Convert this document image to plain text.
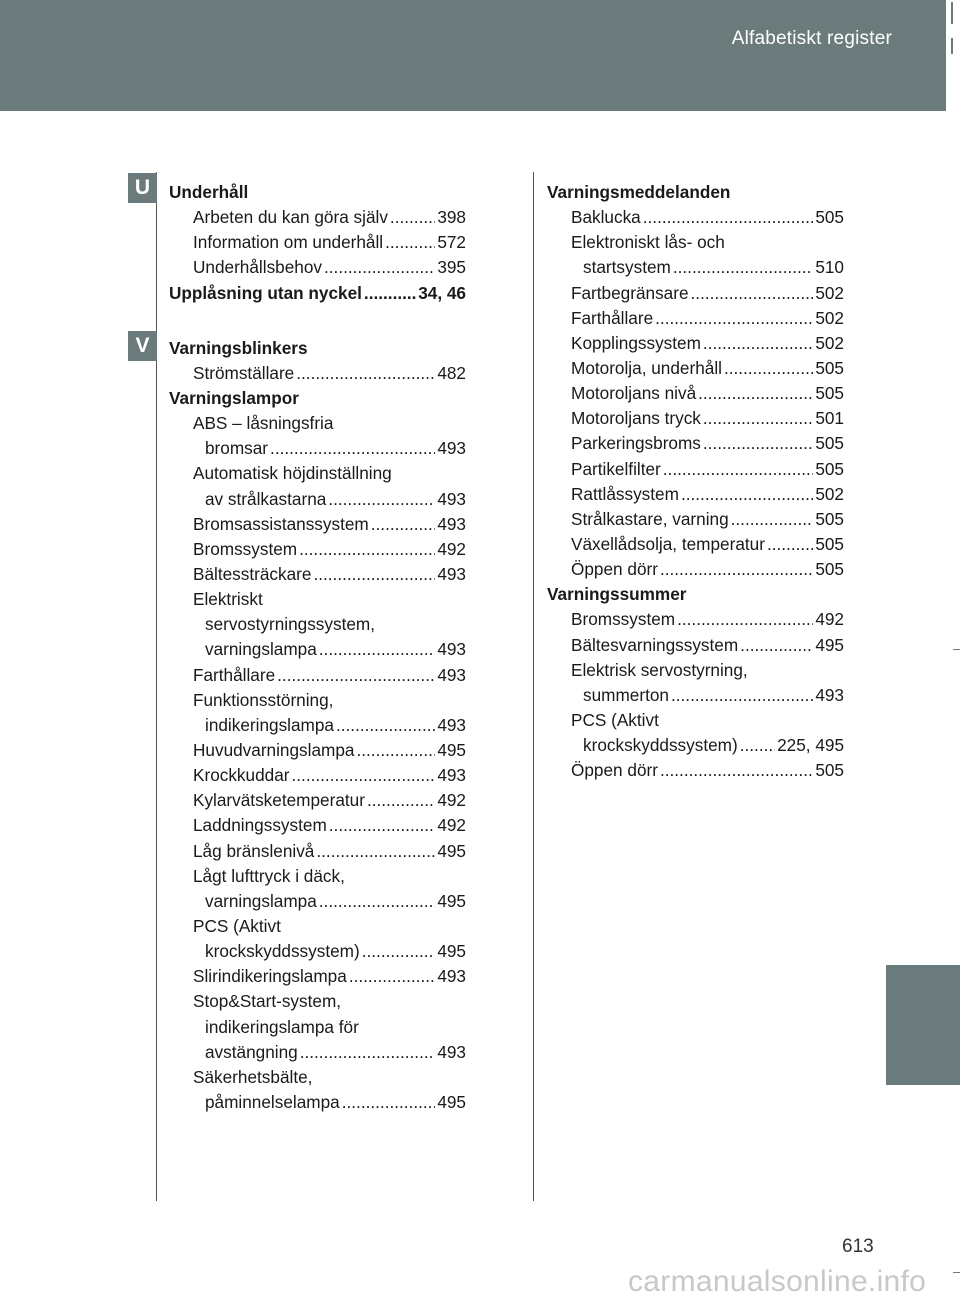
Alfabetiskt register
U
V
Underhåll
Arbeten du kan göra själv .....	398
Information om underhåll .....	572
Underhållsbehov .....	395
Upplåsning utan nyckel .....	34, 46
Varningsblinkers
Strömställare .....	482
Varningslampor
ABS – låsningsfria
bromsar .....	493
Automatisk höjdinställning
av strålkastarna .....	493
Bromsassistanssystem .....	493
Bromssystem .....	492
Bältessträckare .....	493
Elektriskt
servostyrningssystem,
varningslampa .....	493
Farthållare .....	493
Funktionsstörning,
indikeringslampa .....	493
Huvudvarningslampa .....	495
Krockkuddar .....	493
Kylarvätsketemperatur .....	492
Laddningssystem .....	492
Låg bränslenivå .....	495
Lågt lufttryck i däck,
varningslampa .....	495
PCS (Aktivt
krockskyddssystem) .....	495
Slirindikeringslampa .....	493
Stop&Start-system,
indikeringslampa för
avstängning .....	493
Säkerhetsbälte,
påminnelselampa .....	495
Varningsmeddelanden
Baklucka .....	505
Elektroniskt lås- och
startsystem .....	510
Fartbegränsare .....	502
Farthållare .....	502
Kopplingssystem .....	502
Motorolja, underhåll .....	505
Motoroljans nivå .....	505
Motoroljans tryck .....	501
Parkeringsbroms .....	505
Partikelfilter .....	505
Rattlåssystem .....	502
Strålkastare, varning .....	505
Växellådsolja, temperatur .....	505
Öppen dörr .....	505
Varningssummer
Bromssystem .....	492
Bältesvarningssystem .....	495
Elektrisk servostyrning,
summerton .....	493
PCS (Aktivt
krockskyddssystem) ..... 225, 495
Öppen dörr .....	505
613
carmanualsonline.info
